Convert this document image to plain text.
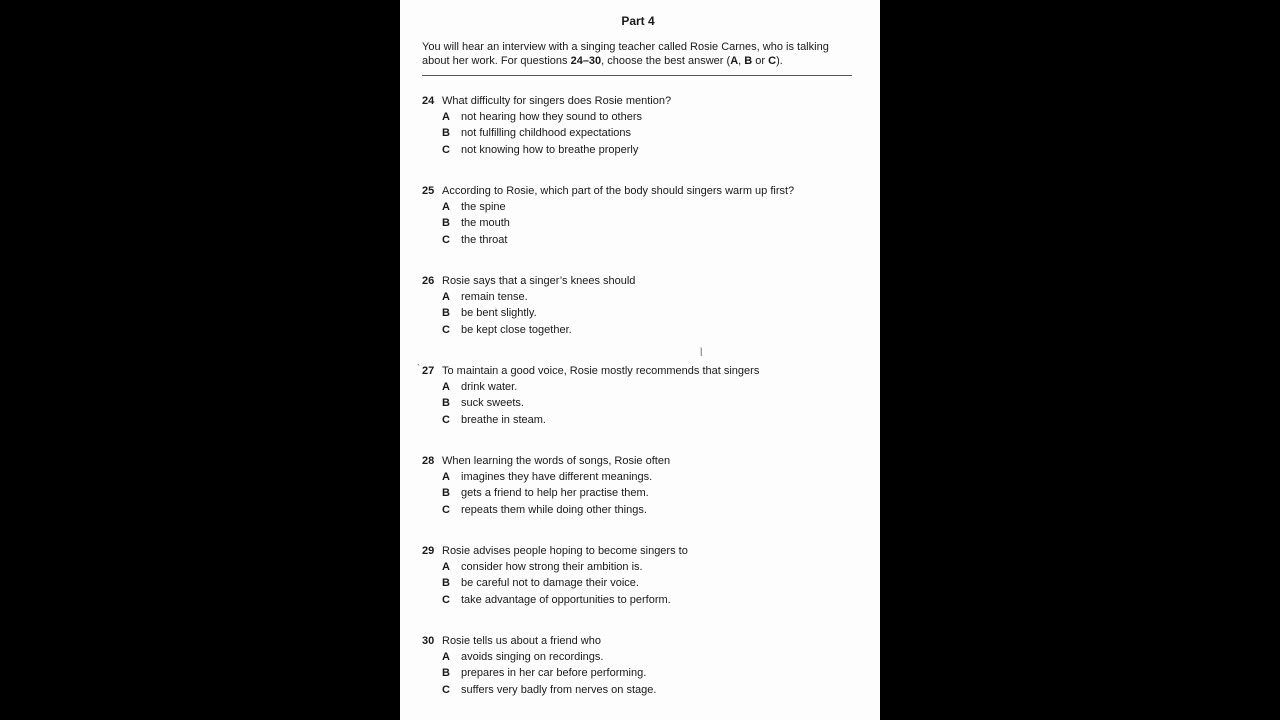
Part 4
You will hear an interview with a singing teacher called Rosie Carnes, who is talking about her work. For questions 24–30, choose the best answer (A, B or C).
24 What difficulty for singers does Rosie mention?
A	not hearing how they sound to others
B	not fulfilling childhood expectations
C	not knowing how to breathe properly
25 According to Rosie, which part of the body should singers warm up first?
A	the spine
B	the mouth
C	the throat
26 Rosie says that a singer’s knees should
A	remain tense.
B	be bent slightly.
C	be kept close together.
27 To maintain a good voice, Rosie mostly recommends that singers
A	drink water.
B	suck sweets.
C	breathe in steam.
28 When learning the words of songs, Rosie often
A	imagines they have different meanings.
B	gets a friend to help her practise them.
C	repeats them while doing other things.
29 Rosie advises people hoping to become singers to
A	consider how strong their ambition is.
B	be careful not to damage their voice.
C	take advantage of opportunities to perform.
30 Rosie tells us about a friend who
A	avoids singing on recordings.
B	prepares in her car before performing.
C	suffers very badly from nerves on stage.
`
|
